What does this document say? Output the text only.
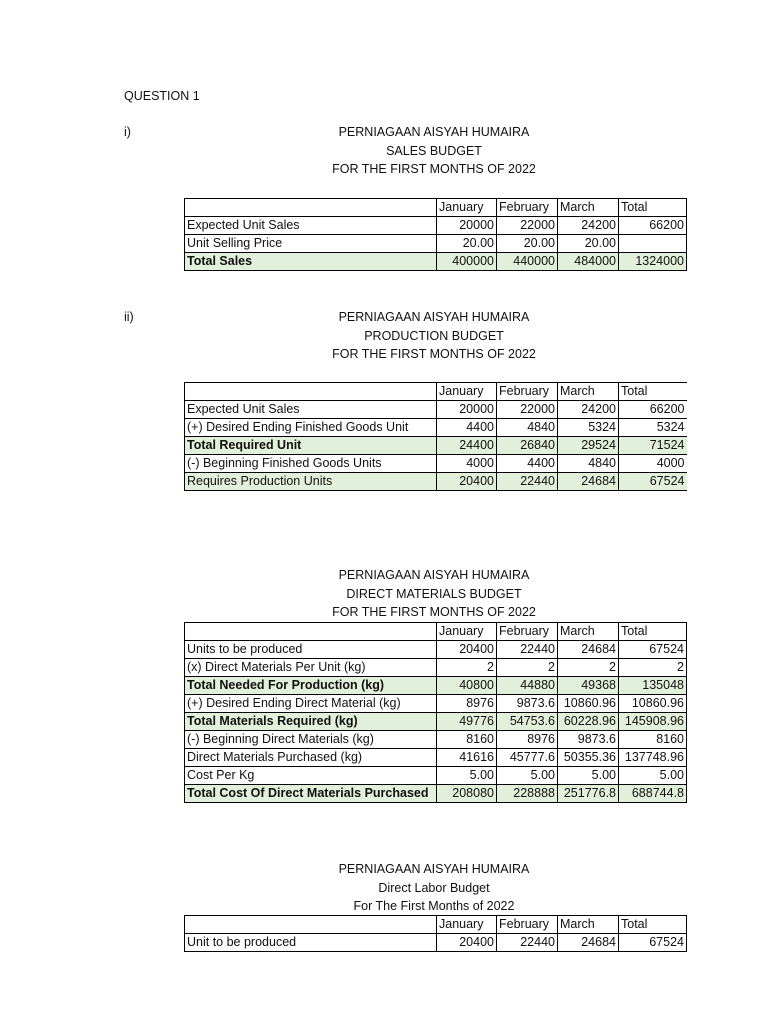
QUESTION 1
i)	PERNIAGAAN AISYAH HUMAIRA
SALES BUDGET
FOR THE FIRST MONTHS OF 2022
	January	February	March	Total
Expected Unit Sales	20000	22000	24200	66200
Unit Selling Price	20.00	20.00	20.00	
Total Sales	400000	440000	484000	1324000
ii)	PERNIAGAAN AISYAH HUMAIRA
PRODUCTION BUDGET
FOR THE FIRST MONTHS OF 2022
	January	February	March	Total
Expected Unit Sales	20000	22000	24200	66200
(+) Desired Ending Finished Goods Unit	4400	4840	5324	5324
Total Required Unit	24400	26840	29524	71524
(-) Beginning Finished Goods Units	4000	4400	4840	4000
Requires Production Units	20400	22440	24684	67524
PERNIAGAAN AISYAH HUMAIRA
DIRECT MATERIALS BUDGET
FOR THE FIRST MONTHS OF 2022
	January	February	March	Total
Units to be produced	20400	22440	24684	67524
(x) Direct Materials Per Unit (kg)	2	2	2	2
Total Needed For Production (kg)	40800	44880	49368	135048
(+) Desired Ending Direct Material (kg)	8976	9873.6	10860.96	10860.96
Total Materials Required (kg)	49776	54753.6	60228.96	145908.96
(-) Beginning Direct Materials (kg)	8160	8976	9873.6	8160
Direct Materials Purchased (kg)	41616	45777.6	50355.36	137748.96
Cost Per Kg	5.00	5.00	5.00	5.00
Total Cost Of Direct Materials Purchased	208080	228888	251776.8	688744.8
PERNIAGAAN AISYAH HUMAIRA
Direct Labor Budget
For The First Months of 2022
	January	February	March	Total
Unit to be produced	20400	22440	24684	67524
